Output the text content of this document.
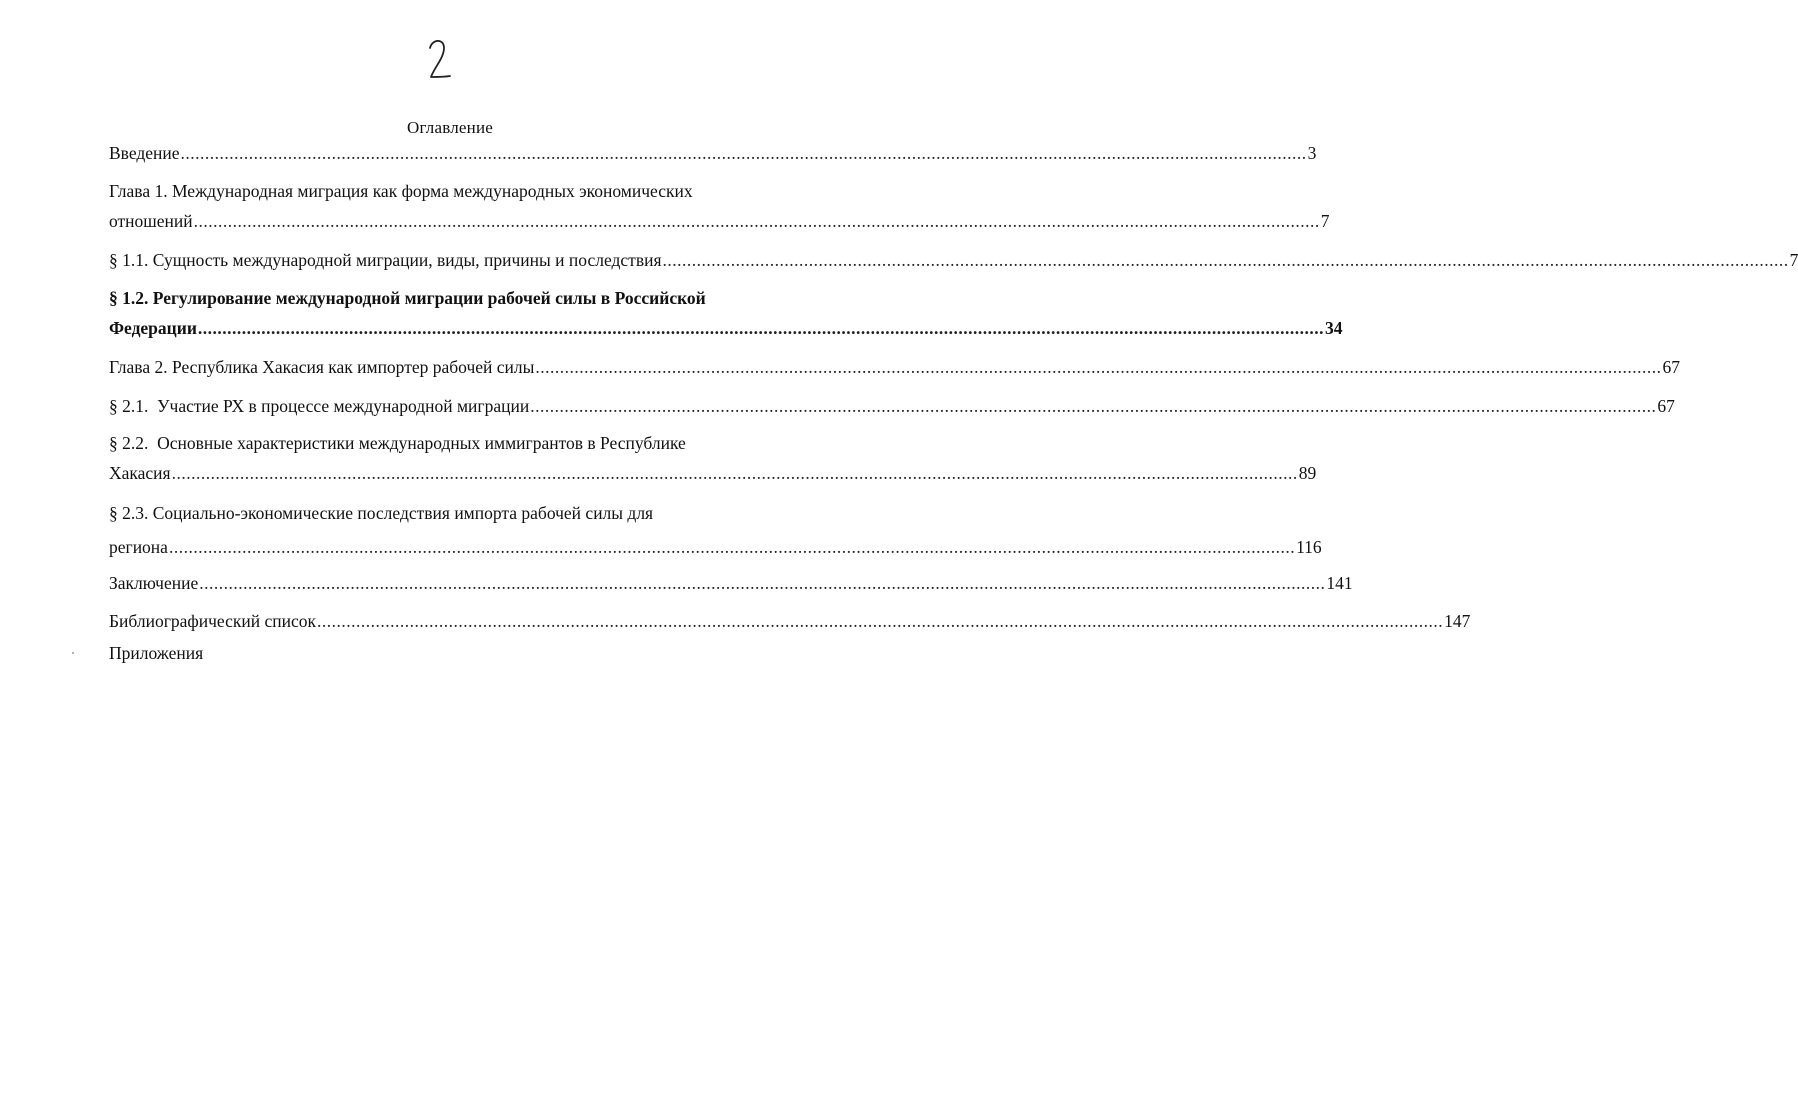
Оглавление
Введение ....................................................................................................................................................................................................................................... 3
Глава 1. Международная миграция как форма международных экономических
отношений ....................................................................................................................................................................................................................................... 7
§ 1.1. Сущность международной миграции, виды, причины и последствия ....................................................................................................................................................................................................................................... 7
§ 1.2. Регулирование международной миграции рабочей силы в Российской
Федерации ....................................................................................................................................................................................................................................... 34
Глава 2. Республика Хакасия как импортер рабочей силы ....................................................................................................................................................................................................................................... 67
§ 2.1.  Участие РХ в процессе международной миграции ....................................................................................................................................................................................................................................... 67
§ 2.2.  Основные характеристики международных иммигрантов в Республике
Хакасия ....................................................................................................................................................................................................................................... 89
§ 2.3. Социально-экономические последствия импорта рабочей силы для
региона ....................................................................................................................................................................................................................................... 116
Заключение ....................................................................................................................................................................................................................................... 141
Библиографический список ....................................................................................................................................................................................................................................... 147
Приложения
